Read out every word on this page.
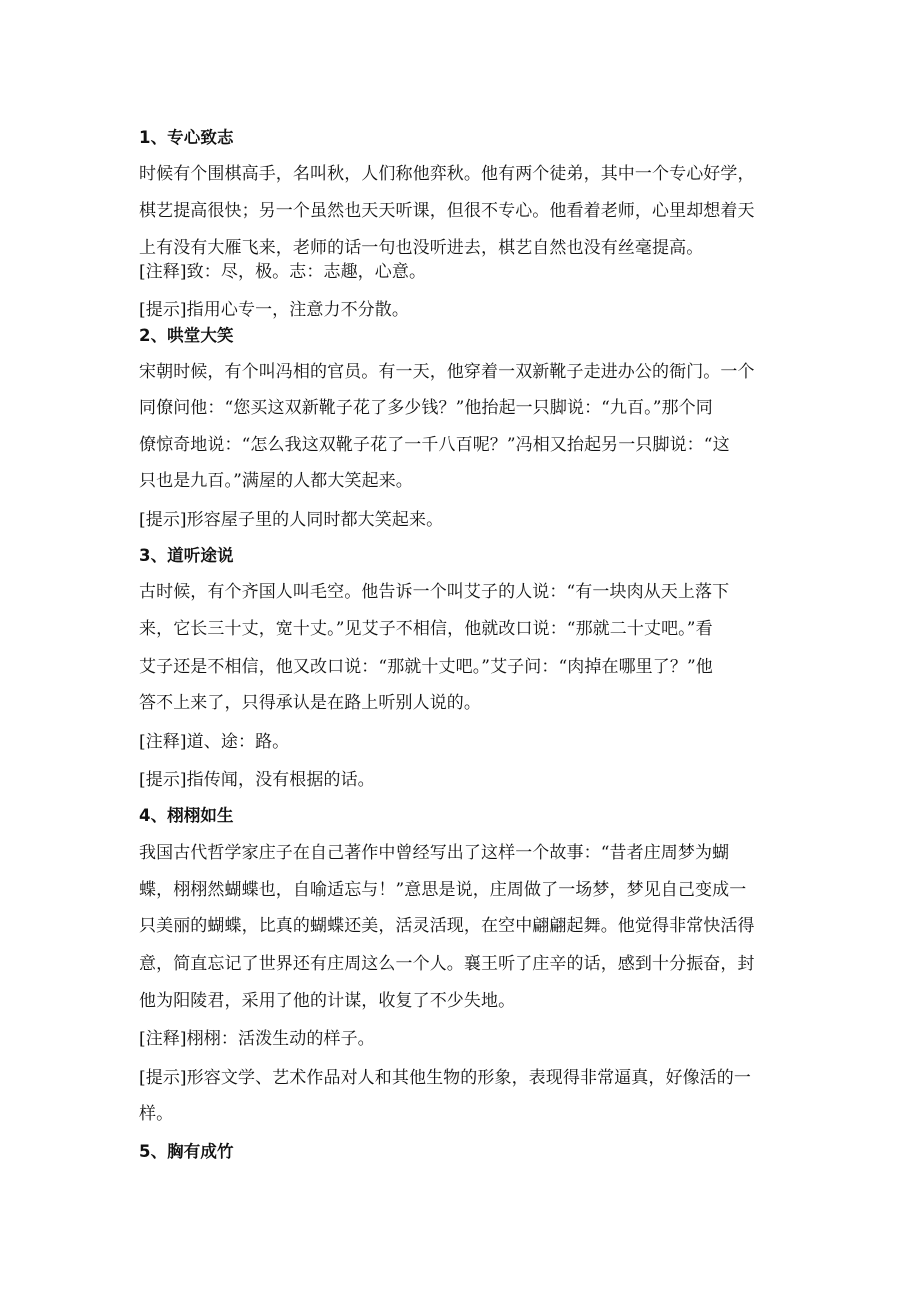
1、专心致志
时候有个围棋高手，名叫秋，人们称他弈秋。他有两个徒弟，其中一个专心好学，
棋艺提高很快；另一个虽然也天天听课，但很不专心。他看着老师，心里却想着天
上有没有大雁飞来，老师的话一句也没听进去，棋艺自然也没有丝毫提高。
[注释]致：尽，极。志：志趣，心意。
[提示]指用心专一，注意力不分散。
2、哄堂大笑
宋朝时候，有个叫冯相的官员。有一天，他穿着一双新靴子走进办公的衙门。一个
同僚问他：“您买这双新靴子花了多少钱？”他抬起一只脚说：“九百。”那个同
僚惊奇地说：“怎么我这双靴子花了一千八百呢？”冯相又抬起另一只脚说：“这
只也是九百。”满屋的人都大笑起来。
[提示]形容屋子里的人同时都大笑起来。
3、道听途说
古时候，有个齐国人叫毛空。他告诉一个叫艾子的人说：“有一块肉从天上落下
来，它长三十丈，宽十丈。”见艾子不相信，他就改口说：“那就二十丈吧。”看
艾子还是不相信，他又改口说：“那就十丈吧。”艾子问：“肉掉在哪里了？”他
答不上来了，只得承认是在路上听别人说的。
[注释]道、途：路。
[提示]指传闻，没有根据的话。
4、栩栩如生
我国古代哲学家庄子在自己著作中曾经写出了这样一个故事：“昔者庄周梦为蝴
蝶，栩栩然蝴蝶也，自喻适忘与！”意思是说，庄周做了一场梦，梦见自己变成一
只美丽的蝴蝶，比真的蝴蝶还美，活灵活现，在空中翩翩起舞。他觉得非常快活得
意，简直忘记了世界还有庄周这么一个人。襄王听了庄辛的话，感到十分振奋，封
他为阳陵君，采用了他的计谋，收复了不少失地。
[注释]栩栩：活泼生动的样子。
[提示]形容文学、艺术作品对人和其他生物的形象，表现得非常逼真，好像活的一
样。
5、胸有成竹
